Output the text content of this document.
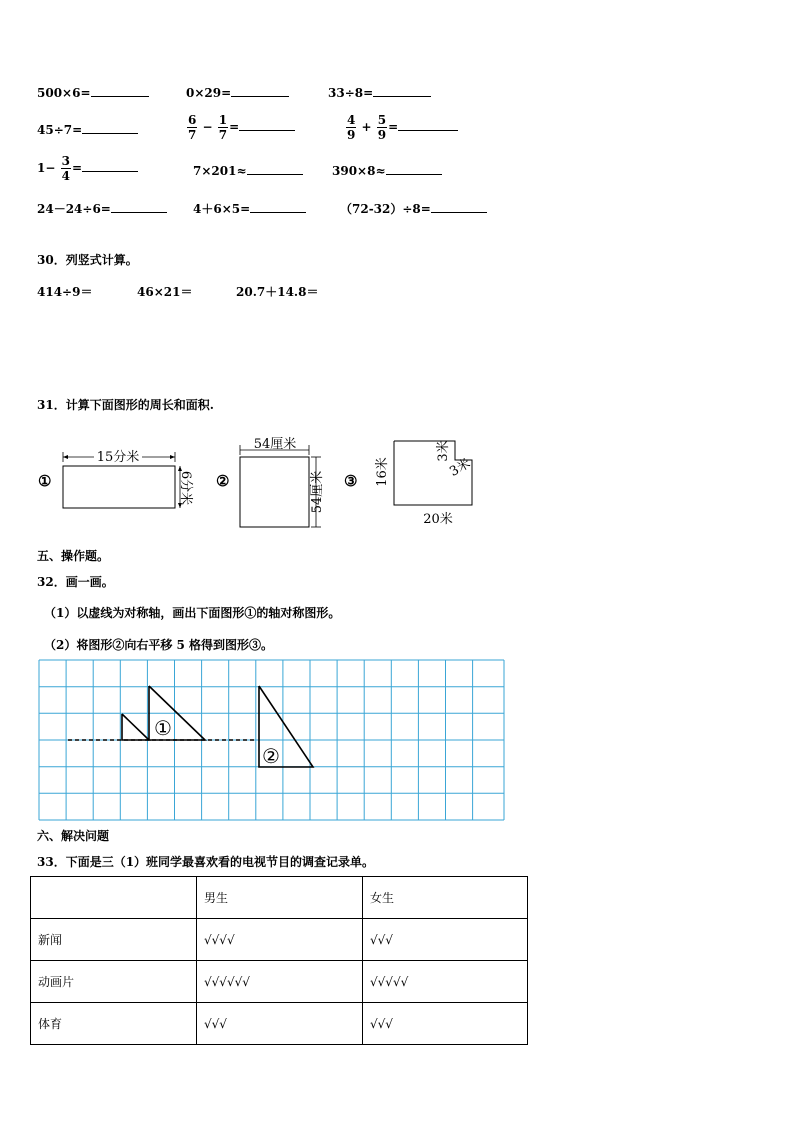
500×6=	0×29=	33÷8=
45÷7=	$\frac{6}{7} - \frac{1}{7}$ =	$\frac{4}{9} + \frac{5}{9}$ =
$1- \frac{3}{4}$ =	7×201≈	390×8≈
24－24÷6=	4＋6×5=	（72-32）÷8=
30．列竖式计算。
414÷9＝	46×21＝	20.7＋14.8＝
31．计算下面图形的周长和面积.
①	②	③
15分米
6分米
54厘米
54厘米	16米
20米
3米
3米
五、操作题。
32．画一画。
（1）以虚线为对称轴，画出下面图形①的轴对称图形。
（2）将图形②向右平移 5 格得到图形③。
①
②
六、解决问题
33．下面是三（1）班同学最喜欢看的电视节目的调查记录单。
	男生	女生
新闻	√√√√	√√√
动画片	√√√√√√	√√√√√
体育	√√√	√√√
